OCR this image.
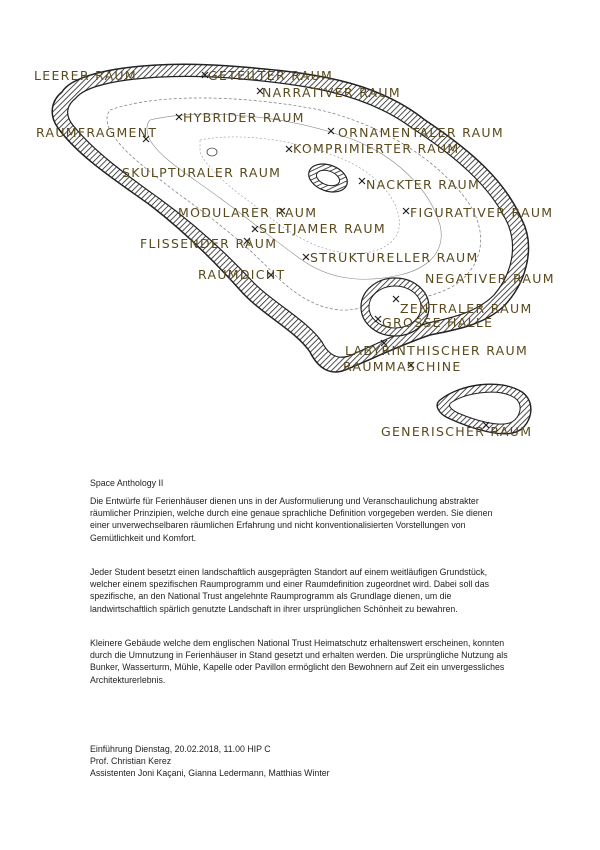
LEERER RAUM	GETEILTER RAUM
NARRATIVER RAUM
HYBRIDER RAUM
RAUMFRAGMENT	ORNAMENTALER RAUM
KOMPRIMIERTER RAUM
SKULPTURALER RAUM
NACKTER RAUM
MODULARER RAUM	FIGURATIVER RAUM
SELTJAMER RAUM
FLISSENDER RAUM
STRUKTURELLER RAUM
RAUMDICHT	NEGATIVER RAUM
ZENTRALER RAUM
GROSSE HALLE
LABYRINTHISCHER RAUM
RAUMMASCHINE
GENERISCHER RAUM
Space Anthology II

Die Entwürfe für Ferienhäuser dienen uns in der Ausformulierung und Veranschaulichung abstrakter räumlicher Prinzipien, welche durch eine genaue sprachliche Definition vorgegeben werden. Sie dienen einer unverwechselbaren räumlichen Erfahrung und nicht konventionalisierten Vorstellungen von Gemütlichkeit und Komfort.

Jeder Student besetzt einen landschaftlich ausgeprägten Standort auf einem weitläufigen Grundstück, welcher einem spezifischen Raumprogramm und einer Raumdefinition zugeordnet wird. Dabei soll das spezifische, an den National Trust angelehnte Raumprogramm als Grundlage dienen, um die landwirtschaftlich spärlich genutzte Landschaft in ihrer ursprünglichen Schönheit zu bewahren.

Kleinere Gebäude welche dem englischen National Trust Heimatschutz erhaltenswert erscheinen, konnten durch die Umnutzung in Ferienhäuser in Stand gesetzt und erhalten werden. Die ursprüngliche Nutzung als Bunker, Wasserturm, Mühle, Kapelle oder Pavillon ermöglicht den Bewohnern auf Zeit ein unvergessliches Architekturerlebnis.

Einführung Dienstag, 20.02.2018, 11.00 HIP C

Prof. Christian Kerez

Assistenten Joni Kaçani, Gianna Ledermann, Matthias Winter
